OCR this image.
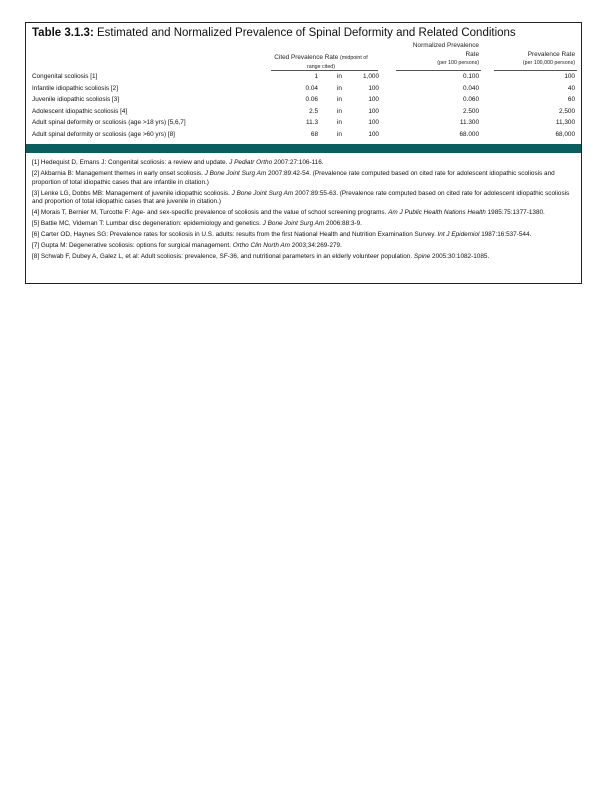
Table 3.1.3: Estimated and Normalized Prevalence of Spinal Deformity and Related Conditions
Cited Prevalence Rate (midpoint of
range cited)
Normalized Prevalence
Rate
(per 100 persons)
Prevalence Rate
(per 100,000 persons)
Congenital scoliosis [1]	1	in	1,000	0.100	100
Infantile idiopathic scoliosis [2]	0.04	in	100	0.040	40
Juvenile idiopathic scoliosis [3]	0.06	in	100	0.060	60
Adolescent idiopathic scoliosis [4]	2.5	in	100	2.500	2,500
Adult spinal deformity or scoliosis (age >18 yrs) [5,6,7]	11.3	in	100	11.300	11,300
Adult spinal deformity or scoliosis (age >60 yrs) [8]	68	in	100	68.000	68,000
[1] Hedequist D, Emans J: Congenital scoliosis: a review and update. J Pediatr Ortho 2007:27:106-116.
[2] Akbarnia B: Management themes in early onset scoliosis. J Bone Joint Surg Am 2007:89:42-54. (Prevalence rate computed based on cited rate for adolescent idiopathic scoliosis and proportion of total idiopathic cases that are infantile in citation.)
[3] Lenke LG, Dobbs MB: Management of juvenile idiopathic scoliosis. J Bone Joint Surg Am 2007:89:55-63. (Prevalence rate computed based on cited rate for adolescent idiopathic scoliosis and proportion of total idiopathic cases that are juvenile in citation.)
[4] Morais T, Bernier M, Turcotte F: Age- and sex-specific prevalence of scoliosis and the value of school screening programs. Am J Public Health Nations Health 1985:75:1377-1380.
[5] Battie MC, Videman T: Lumbar disc degeneration: epidemiology and genetics. J Bone Joint Surg Am 2006:88:3-9.
[6] Carter OD, Haynes SG: Prevalence rates for scoliosis in U.S. adults: results from the first National Health and Nutrition Examination Survey. Int J Epidemiol 1987:16:537-544.
[7] Gupta M: Degenerative scoliosis: options for surgical management. Ortho Clin North Am 2003;34:269-279.
[8] Schwab F, Dubey A, Galez L, et al: Adult scoliosis: prevalence, SF-36, and nutritional parameters in an elderly volunteer population. Spine 2005:30:1082-1085.
